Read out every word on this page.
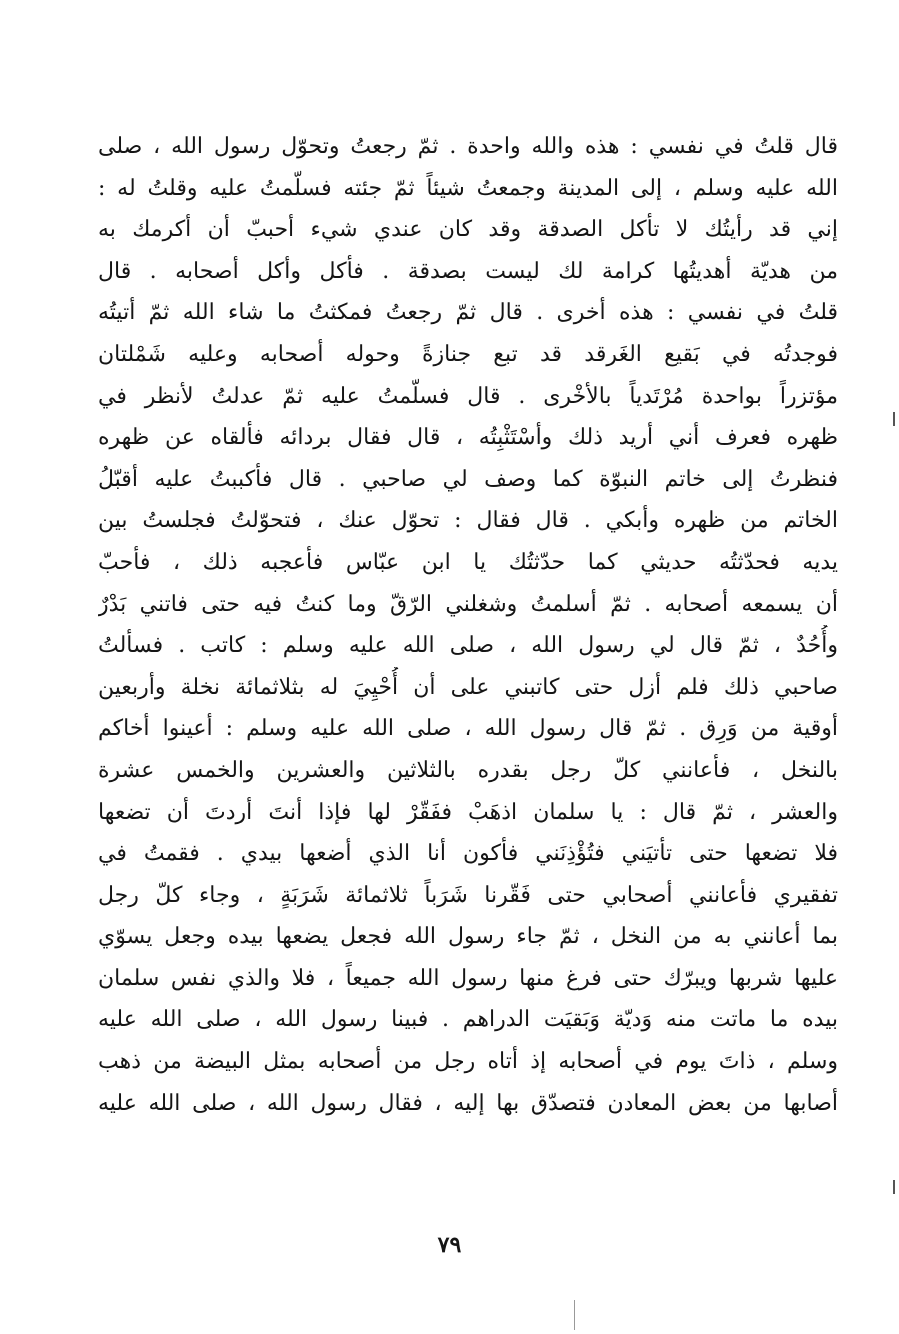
قال قلتُ في نفسي : هذه والله واحدة . ثمّ رجعتُ وتحوّل رسول الله ، صلى
الله عليه وسلم ، إلى المدينة وجمعتُ شيئاً ثمّ جئته فسلّمتُ عليه وقلتُ له :
إني قد رأيتُك لا تأكل الصدقة وقد كان عندي شيء أحببّ أن أكرمك به
من هديّة أهديتُها كرامة لك ليست بصدقة . فأكل وأكل أصحابه . قال
قلتُ في نفسي : هذه أخرى . قال ثمّ رجعتُ فمكثتُ ما شاء الله ثمّ أتيتُه
فوجدتُه في بَقيع الغَرقد قد تبع جنازةً وحوله أصحابه وعليه شَمْلتان
مؤتزراً بواحدة مُرْتَدياً بالأخْرى . قال فسلّمتُ عليه ثمّ عدلتُ لأنظر في
ظهره فعرف أني أريد ذلك وأسْتَثْبِتُه ، قال فقال بردائه فألقاه عن ظهره
فنظرتُ إلى خاتم النبوّة كما وصف لي صاحبي . قال فأكببتُ عليه أقبّلُ
الخاتم من ظهره وأبكي . قال فقال : تحوّل عنك ، فتحوّلتُ فجلستُ بين
يديه فحدّثتُه حديثي كما حدّثتُك يا ابن عبّاس فأعجبه ذلك ، فأحبّ
أن يسمعه أصحابه . ثمّ أسلمتُ وشغلني الرّقّ وما كنتُ فيه حتى فاتني بَدْرٌ
وأُحُدٌ ، ثمّ قال لي رسول الله ، صلى الله عليه وسلم : كاتب . فسألتُ
صاحبي ذلك فلم أزل حتى كاتبني على أن أُحْيِيَ له بثلاثمائة نخلة وأربعين
أوقية من وَرِق . ثمّ قال رسول الله ، صلى الله عليه وسلم : أعينوا أخاكم
بالنخل ، فأعانني كلّ رجل بقدره بالثلاثين والعشرين والخمس عشرة
والعشر ، ثمّ قال : يا سلمان اذهَبْ ففَقّرْ لها فإذا أنتَ أردتَ أن تضعها
فلا تضعها حتى تأتيَني فتُؤْذِنَني فأكون أنا الذي أضعها بيدي . فقمتُ في
تفقيري فأعانني أصحابي حتى فَقّرنا شَرَباً ثلاثمائة شَرَبَةٍ ، وجاء كلّ رجل
بما أعانني به من النخل ، ثمّ جاء رسول الله فجعل يضعها بيده وجعل يسوّي
عليها شربها ويبرّك حتى فرغ منها رسول الله جميعاً ، فلا والذي نفس سلمان
بيده ما ماتت منه وَديّة وَبَقيَت الدراهم . فبينا رسول الله ، صلى الله عليه
وسلم ، ذاتَ يوم في أصحابه إذ أتاه رجل من أصحابه بمثل البيضة من ذهب
أصابها من بعض المعادن فتصدّق بها إليه ، فقال رسول الله ، صلى الله عليه
٧٩
